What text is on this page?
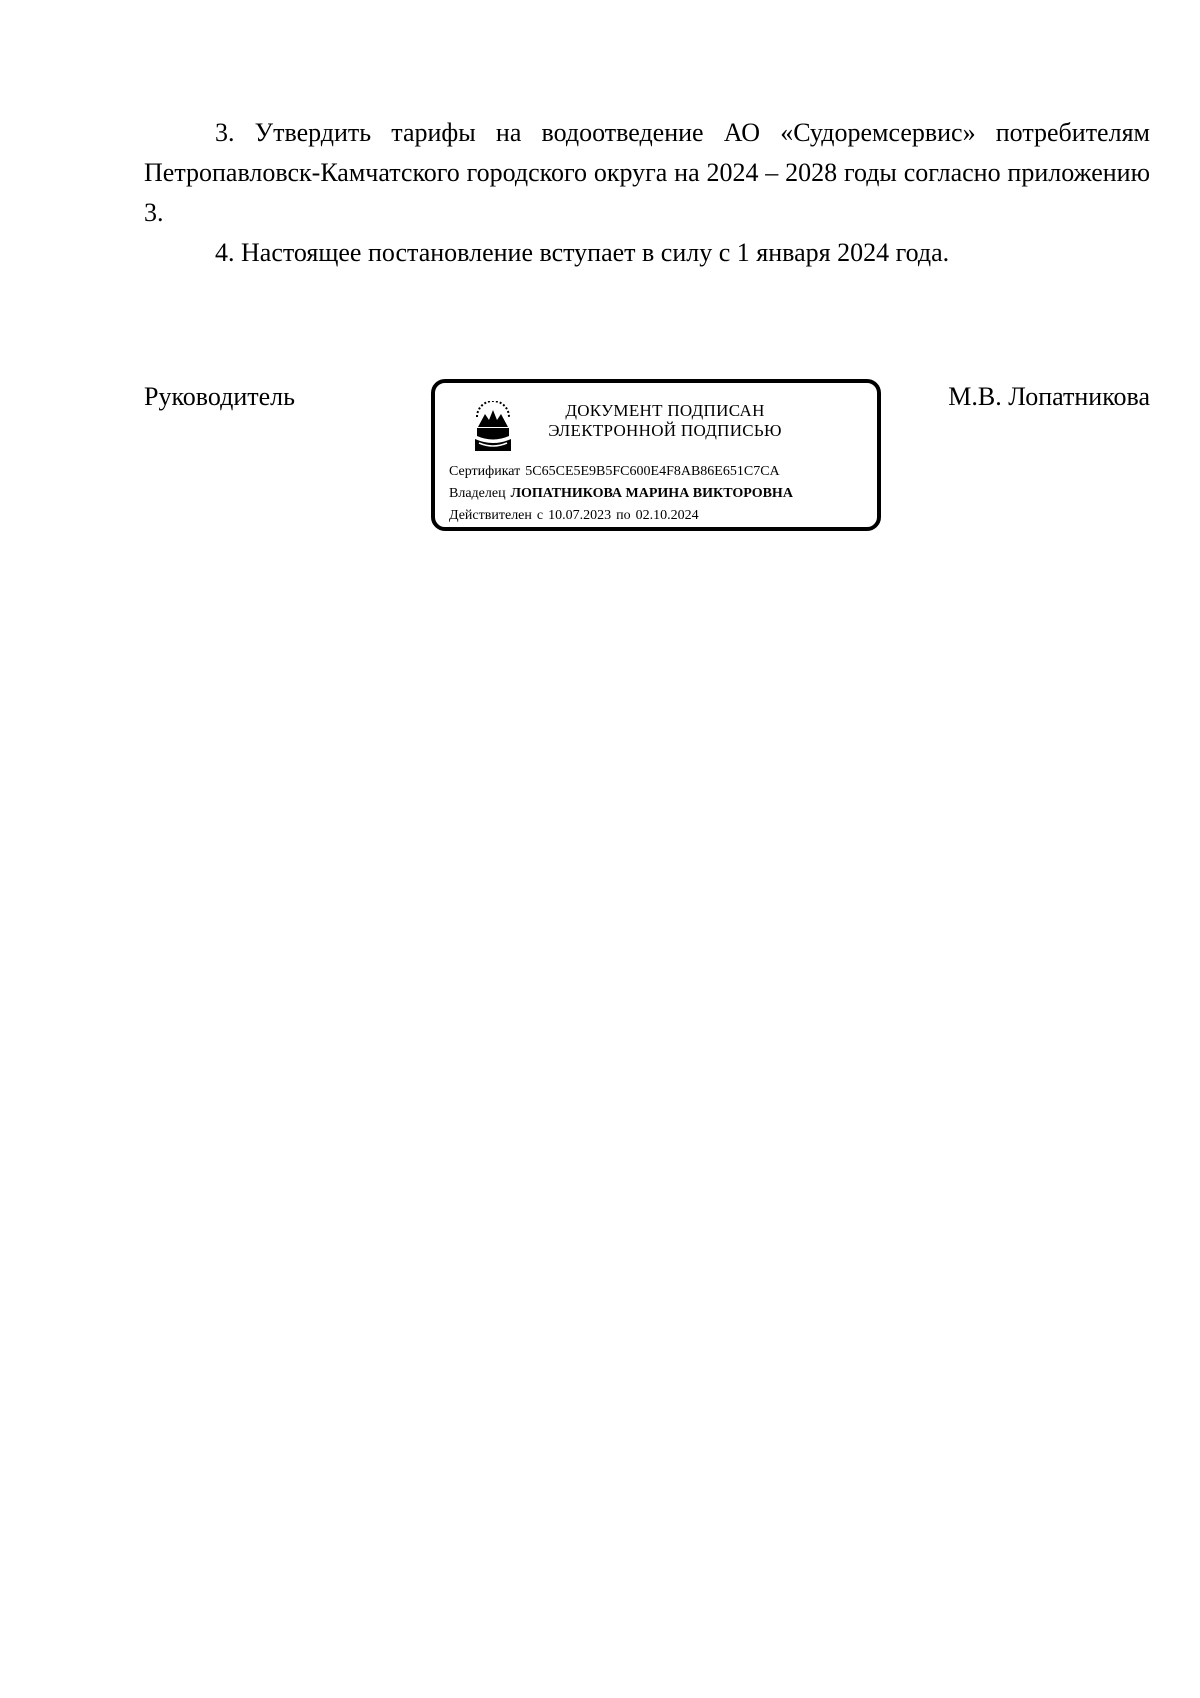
3. Утвердить тарифы на водоотведение АО «Судоремсервис» потребителям Петропавловск-Камчатского городского округа на 2024 – 2028 годы согласно приложению 3.

4. Настоящее постановление вступает в силу с 1 января 2024 года.

Руководитель	ДОКУМЕНТ ПОДПИСАН
ЭЛЕКТРОННОЙ ПОДПИСЬЮ
Сертификат 5C65CE5E9B5FC600E4F8AB86E651C7CA
Владелец ЛОПАТНИКОВА МАРИНА ВИКТОРОВНА
Действителен с 10.07.2023 по 02.10.2024
М.В. Лопатникова
